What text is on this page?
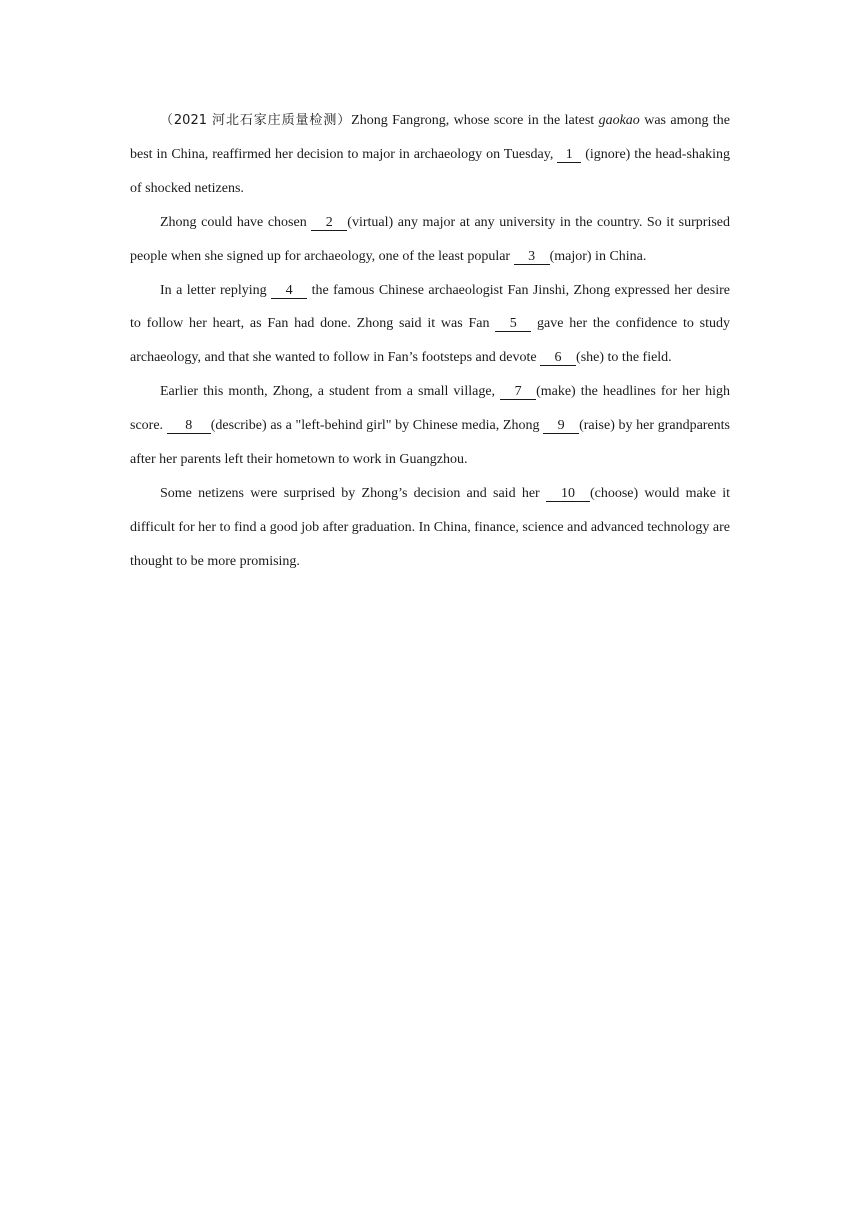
（2021 河北石家庄质量检测）Zhong Fangrong, whose score in the latest gaokao was among the best in China, reaffirmed her decision to major in archaeology on Tuesday, 1 (ignore) the head-shaking of shocked netizens.

Zhong could have chosen 2 (virtual) any major at any university in the country. So it surprised people when she signed up for archaeology, one of the least popular 3 (major) in China.

In a letter replying 4 the famous Chinese archaeologist Fan Jinshi, Zhong expressed her desire to follow her heart, as Fan had done. Zhong said it was Fan 5 gave her the confidence to study archaeology, and that she wanted to follow in Fan’s footsteps and devote 6 (she) to the field.

Earlier this month, Zhong, a student from a small village, 7 (make) the headlines for her high score. 8 (describe) as a "left-behind girl" by Chinese media, Zhong 9 (raise) by her grandparents after her parents left their hometown to work in Guangzhou.

Some netizens were surprised by Zhong’s decision and said her 10 (choose) would make it difficult for her to find a good job after graduation. In China, finance, science and advanced technology are thought to be more promising.
